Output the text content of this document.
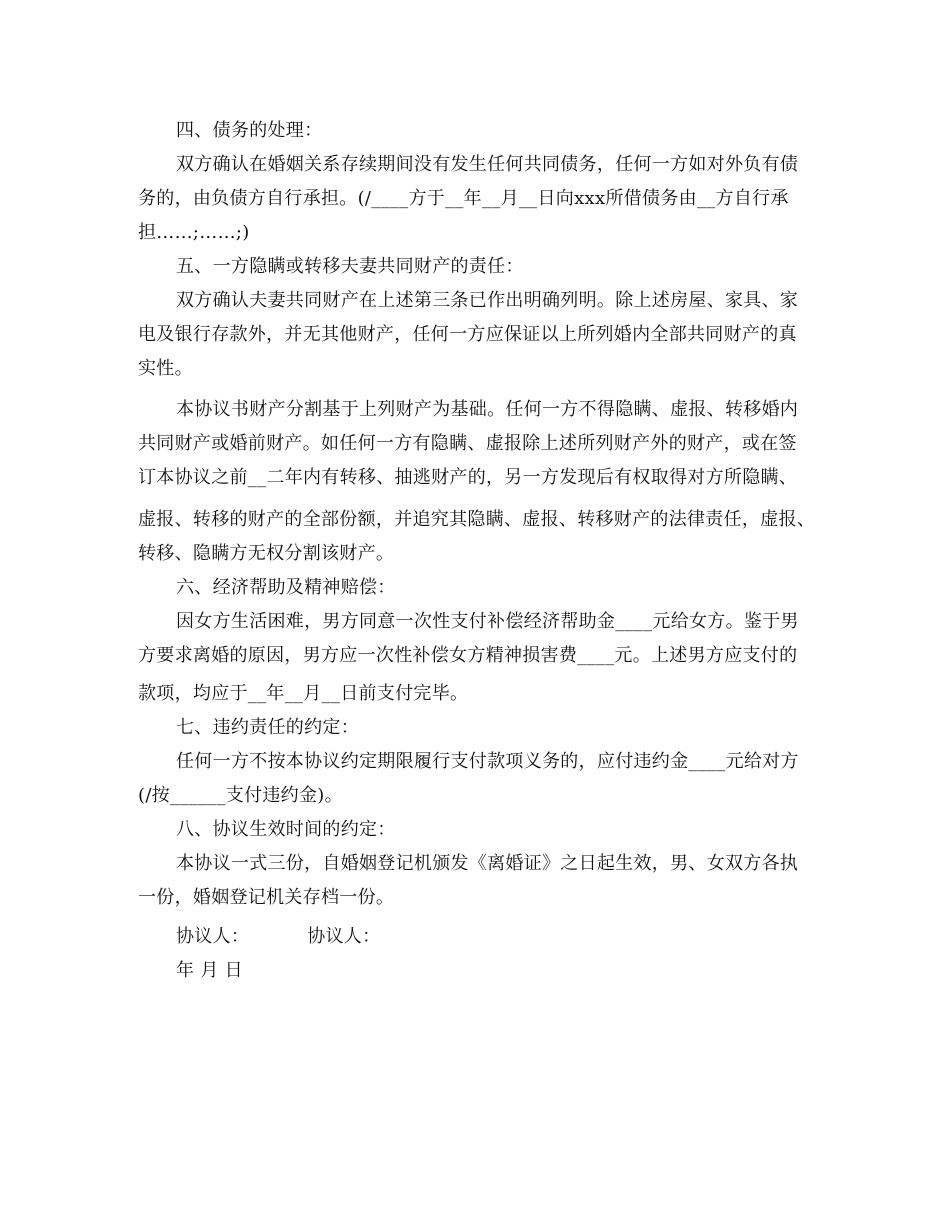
四、债务的处理：
双方确认在婚姻关系存续期间没有发生任何共同债务，任何一方如对外负有债
务的，由负债方自行承担。(/____方于__年__月__日向xxx所借债务由__方自行承
担……;……;)
五、一方隐瞒或转移夫妻共同财产的责任：
双方确认夫妻共同财产在上述第三条已作出明确列明。除上述房屋、家具、家
电及银行存款外，并无其他财产，任何一方应保证以上所列婚内全部共同财产的真
实性。
本协议书财产分割基于上列财产为基础。任何一方不得隐瞒、虚报、转移婚内
共同财产或婚前财产。如任何一方有隐瞒、虚报除上述所列财产外的财产，或在签
订本协议之前__二年内有转移、抽逃财产的，另一方发现后有权取得对方所隐瞒、
虚报、转移的财产的全部份额，并追究其隐瞒、虚报、转移财产的法律责任，虚报、
转移、隐瞒方无权分割该财产。
六、经济帮助及精神赔偿：
因女方生活困难，男方同意一次性支付补偿经济帮助金____元给女方。鉴于男
方要求离婚的原因，男方应一次性补偿女方精神损害费____元。上述男方应支付的
款项，均应于__年__月__日前支付完毕。
七、违约责任的约定：
任何一方不按本协议约定期限履行支付款项义务的，应付违约金____元给对方
(/按______支付违约金)。
八、协议生效时间的约定：
本协议一式三份，自婚姻登记机颁发《离婚证》之日起生效，男、女双方各执
一份，婚姻登记机关存档一份。
协议人：	协议人：
年 月 日
